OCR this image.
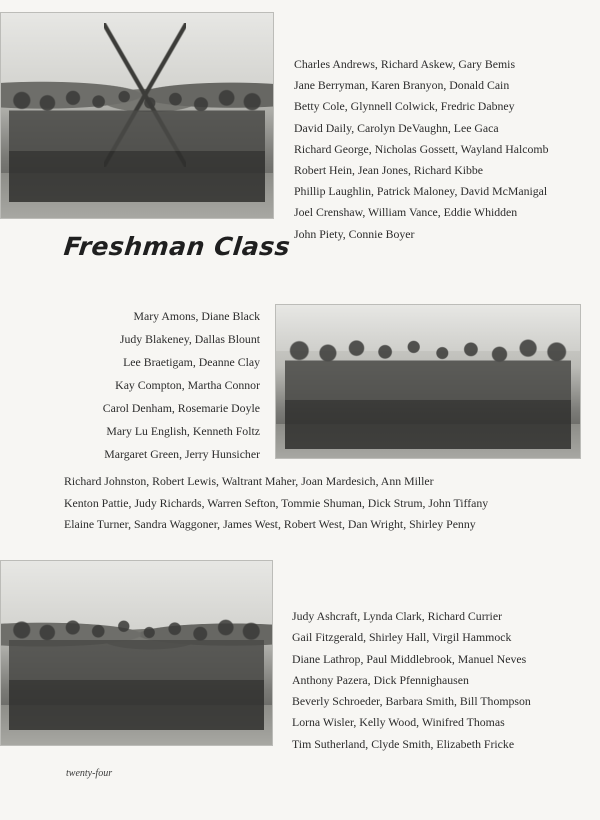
Charles Andrews, Richard Askew, Gary Bemis
Jane Berryman, Karen Branyon, Donald Cain
Betty Cole, Glynnell Colwick, Fredric Dabney
David Daily, Carolyn DeVaughn, Lee Gaca
Richard George, Nicholas Gossett, Wayland Halcomb
Robert Hein, Jean Jones, Richard Kibbe
Phillip Laughlin, Patrick Maloney, David McManigal
Joel Crenshaw, William Vance, Eddie Whidden
John Piety, Connie Boyer
Freshman Class
Mary Amons, Diane Black
Judy Blakeney, Dallas Blount
Lee Braetigam, Deanne Clay
Kay Compton, Martha Connor
Carol Denham, Rosemarie Doyle
Mary Lu English, Kenneth Foltz
Margaret Green, Jerry Hunsicher
Richard Johnston, Robert Lewis, Waltrant Maher, Joan Mardesich, Ann Miller
Kenton Pattie, Judy Richards, Warren Sefton, Tommie Shuman, Dick Strum, John Tiffany
Elaine Turner, Sandra Waggoner, James West, Robert West, Dan Wright, Shirley Penny
Judy Ashcraft, Lynda Clark, Richard Currier
Gail Fitzgerald, Shirley Hall, Virgil Hammock
Diane Lathrop, Paul Middlebrook, Manuel Neves
Anthony Pazera, Dick Pfennighausen
Beverly Schroeder, Barbara Smith, Bill Thompson
Lorna Wisler, Kelly Wood, Winifred Thomas
Tim Sutherland, Clyde Smith, Elizabeth Fricke
twenty-four
